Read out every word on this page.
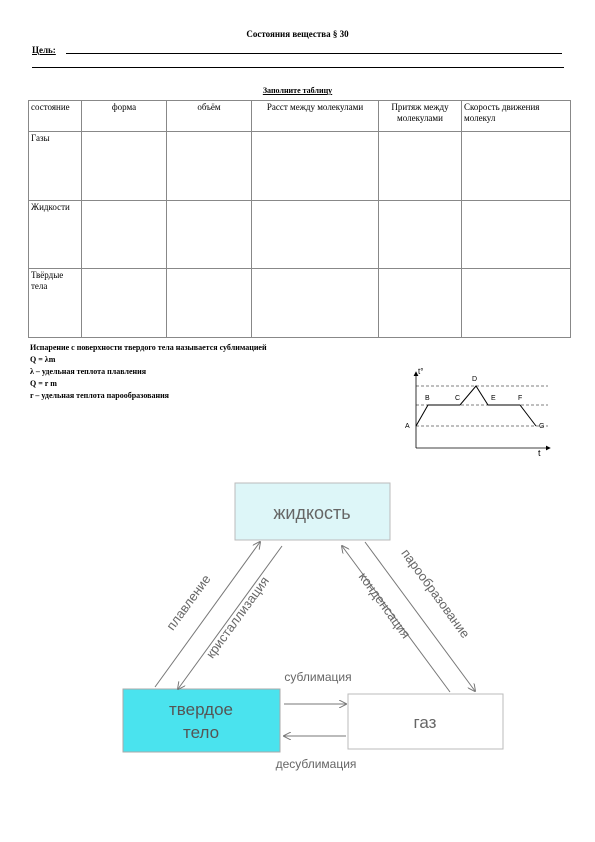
Состояния вещества § 30
Цель:
Заполните таблицу
состояние	форма	объём	Расст между молекулами	Притяж между молекулами	Скорость движения молекул
Газы					
Жидкости					
Твёрдые тела					
Испарение с поверхности твердого тела называется сублимацией
Q = λm
λ – удельная теплота плавления
Q = r m
r – удельная теплота парообразования
t°
t
A
B	C
D
E	F
G
жидкость
твердое
тело
газ
плавление
кристаллизация	конденсация
парообразование
сублимация
десублимация
